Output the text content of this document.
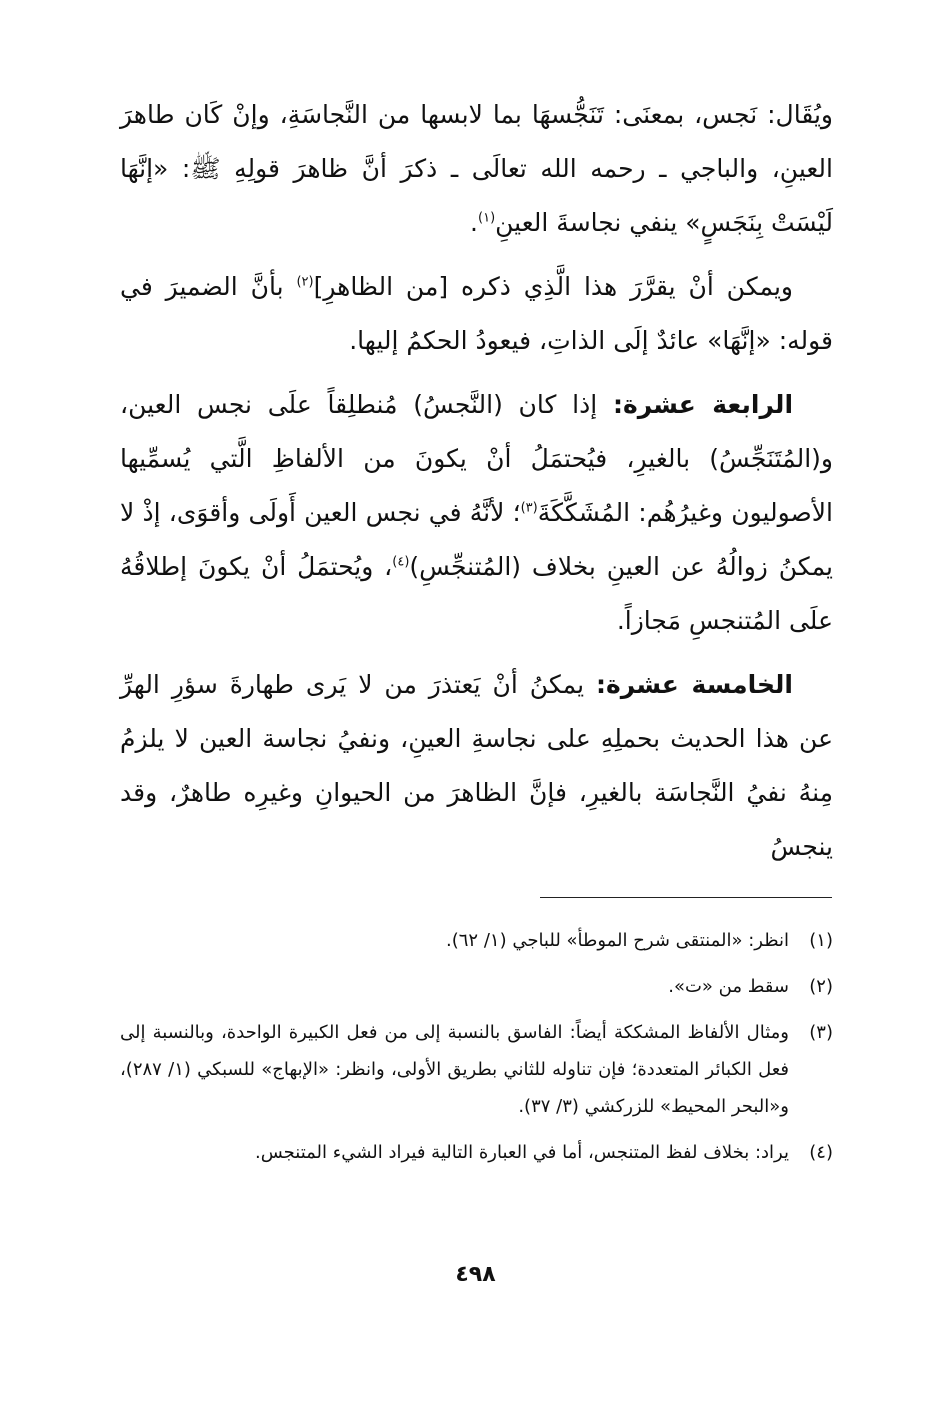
ويُقَال: نَجس، بمعنَى: تَنَجُّسهَا بما لابسها من النَّجاسَةِ، وإنْ كَان طاهرَ العينِ، والباجي ـ رحمه الله تعالَى ـ ذكرَ أنَّ ظاهرَ قولِهِ ﷺ: «إنَّهَا لَيْسَتْ بِنَجَسٍ» ينفي نجاسةَ العينِ$^{(١)}$.

ويمكن أنْ يقرَّرَ هذا الَّذِي ذكره [من الظاهرِ]$^{(٢)}$ بأنَّ الضميرَ في قوله: «إنَّهَا» عائدٌ إلَى الذاتِ، فيعودُ الحكمُ إليها.

الرابعة عشرة: إذا كان (النَّجسُ) مُنطلِقاً علَى نجس العين، و(المُتَنَجِّسُ) بالغيرِ، فيُحتمَلُ أنْ يكونَ من الألفاظِ الَّتي يُسمِّيها الأصوليون وغيرُهُم: المُشَكَّكَةَ$^{(٣)}$؛ لأنَّهُ في نجس العين أَولَى وأقوَى، إذْ لا يمكنُ زوالُهُ عن العينِ بخلاف (المُتنجِّسِ)$^{(٤)}$، ويُحتمَلُ أنْ يكونَ إطلاقُهُ علَى المُتنجسِ مَجازاً.

الخامسة عشرة: يمكنُ أنْ يَعتذرَ من لا يَرى طهارةَ سؤرِ الهرِّ عن هذا الحديث بحملِهِ على نجاسةِ العينِ، ونفيُ نجاسة العين لا يلزمُ مِنهُ نفيُ النَّجاسَة بالغيرِ، فإنَّ الظاهرَ من الحيوانِ وغيرِه طاهرٌ، وقد ينجسُ

(١)
انظر: «المنتقى شرح الموطأ» للباجي (١/ ٦٢).
(٢)
سقط من «ت».
(٣)
ومثال الألفاظ المشككة أيضاً: الفاسق بالنسبة إلى من فعل الكبيرة الواحدة، وبالنسبة إلى فعل الكبائر المتعددة؛ فإن تناوله للثاني بطريق الأولى، وانظر: «الإبهاج» للسبكي (١/ ٢٨٧)، و«البحر المحيط» للزركشي (٣/ ٣٧).
(٤)
يراد: بخلاف لفظ المتنجس، أما في العبارة التالية فيراد الشيء المتنجس.
٤٩٨
